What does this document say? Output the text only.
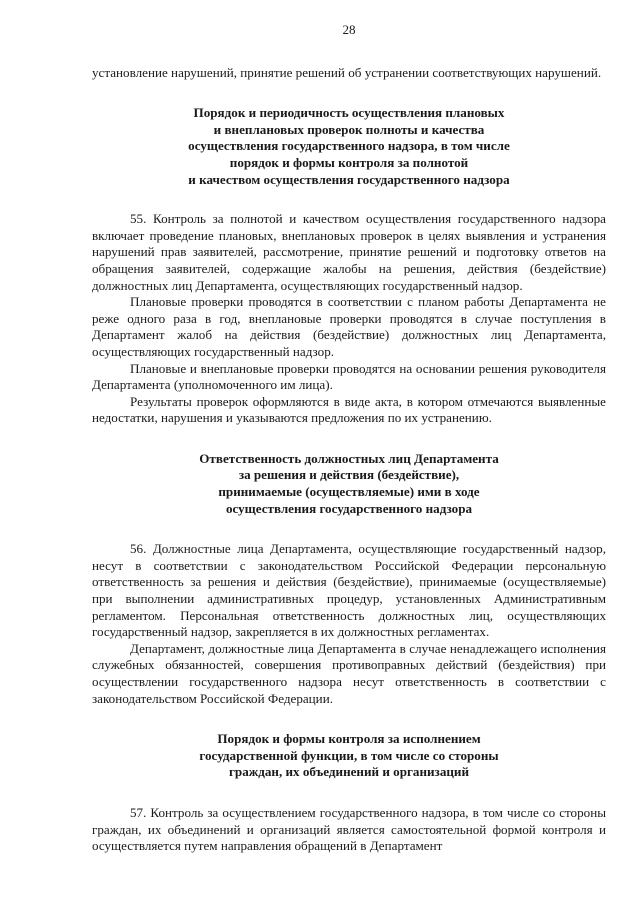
28

установление нарушений, принятие решений об устранении соответствующих нарушений.

Порядок и периодичность осуществления плановых
и внеплановых проверок полноты и качества
осуществления государственного надзора, в том числе
порядок и формы контроля за полнотой
и качеством осуществления государственного надзора

55. Контроль за полнотой и качеством осуществления государственного надзора включает проведение плановых, внеплановых проверок в целях выявления и устранения нарушений прав заявителей, рассмотрение, принятие решений и подготовку ответов на обращения заявителей, содержащие жалобы на решения, действия (бездействие) должностных лиц Департамента, осуществляющих государственный надзор.

Плановые проверки проводятся в соответствии с планом работы Департамента не реже одного раза в год, внеплановые проверки проводятся в случае поступления в Департамент жалоб на действия (бездействие) должностных лиц Департамента, осуществляющих государственный надзор.

Плановые и внеплановые проверки проводятся на основании решения руководителя Департамента (уполномоченного им лица).

Результаты проверок оформляются в виде акта, в котором отмечаются выявленные недостатки, нарушения и указываются предложения по их устранению.

Ответственность должностных лиц Департамента
за решения и действия (бездействие),
принимаемые (осуществляемые) ими в ходе
осуществления государственного надзора

56. Должностные лица Департамента, осуществляющие государственный надзор, несут в соответствии с законодательством Российской Федерации персональную ответственность за решения и действия (бездействие), принимаемые (осуществляемые) при выполнении административных процедур, установленных Административным регламентом. Персональная ответственность должностных лиц, осуществляющих государственный надзор, закрепляется в их должностных регламентах.

Департамент, должностные лица Департамента в случае ненадлежащего исполнения служебных обязанностей, совершения противоправных действий (бездействия) при осуществлении государственного надзора несут ответственность в соответствии с законодательством Российской Федерации.

Порядок и формы контроля за исполнением
государственной функции, в том числе со стороны
граждан, их объединений и организаций

57. Контроль за осуществлением государственного надзора, в том числе со стороны граждан, их объединений и организаций является самостоятельной формой контроля и осуществляется путем направления обращений в Департамент
